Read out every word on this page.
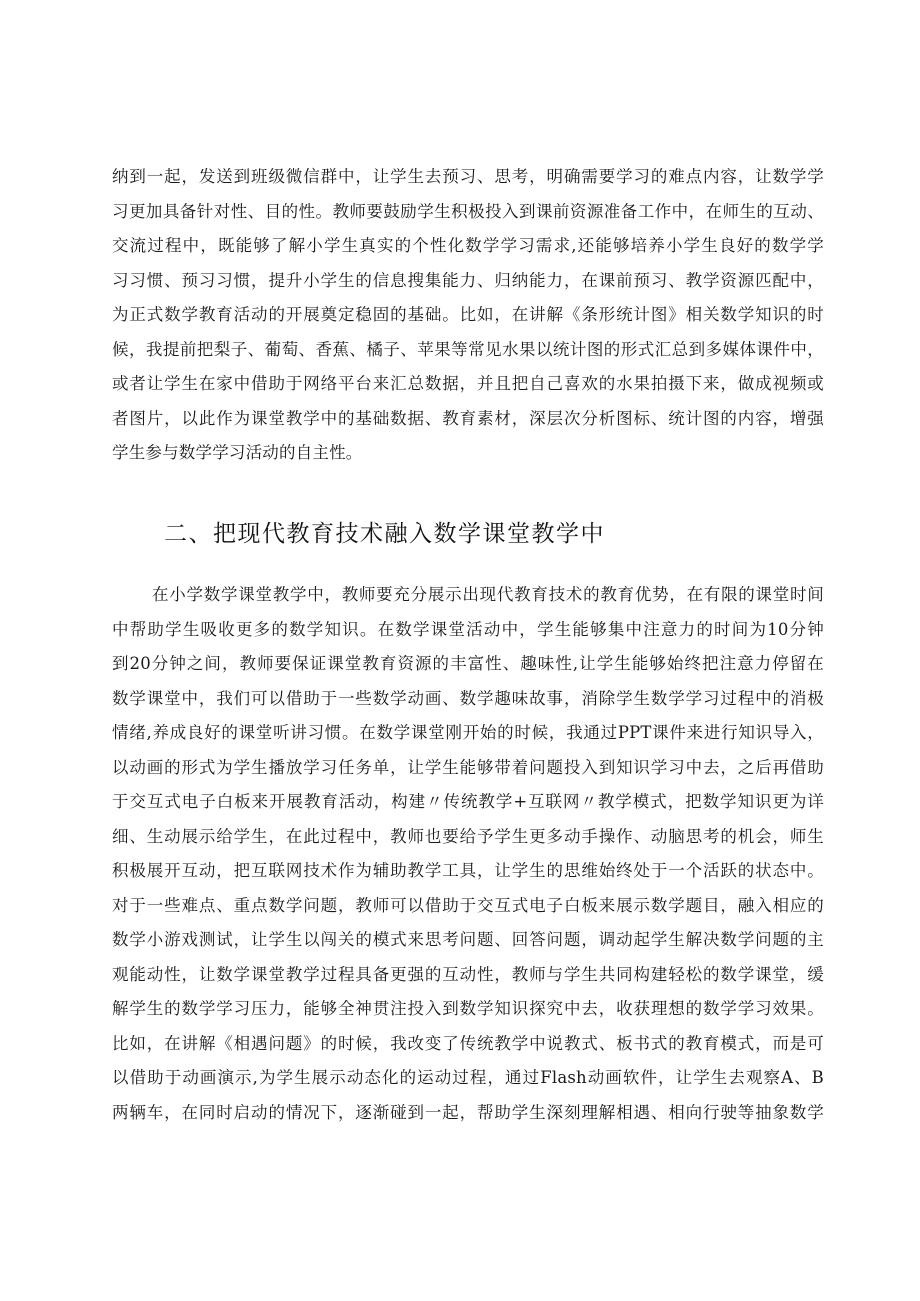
纳到一起，发送到班级微信群中，让学生去预习、思考，明确需要学习的难点内容，让数学学
习更加具备针对性、目的性。教师要鼓励学生积极投入到课前资源准备工作中，在师生的互动、
交流过程中，既能够了解小学生真实的个性化数学学习需求,还能够培养小学生良好的数学学
习习惯、预习习惯，提升小学生的信息搜集能力、归纳能力，在课前预习、教学资源匹配中，
为正式数学教育活动的开展奠定稳固的基础。比如，在讲解《条形统计图》相关数学知识的时
候，我提前把梨子、葡萄、香蕉、橘子、苹果等常见水果以统计图的形式汇总到多媒体课件中，
或者让学生在家中借助于网络平台来汇总数据，并且把自己喜欢的水果拍摄下来，做成视频或
者图片，以此作为课堂教学中的基础数据、教育素材，深层次分析图标、统计图的内容，增强
学生参与数学学习活动的自主性。
二、把现代教育技术融入数学课堂教学中
在小学数学课堂教学中，教师要充分展示出现代教育技术的教育优势，在有限的课堂时间
中帮助学生吸收更多的数学知识。在数学课堂活动中，学生能够集中注意力的时间为10分钟
到20分钟之间，教师要保证课堂教育资源的丰富性、趣味性,让学生能够始终把注意力停留在
数学课堂中，我们可以借助于一些数学动画、数学趣味故事，消除学生数学学习过程中的消极
情绪,养成良好的课堂听讲习惯。在数学课堂刚开始的时候，我通过PPT课件来进行知识导入，
以动画的形式为学生播放学习任务单，让学生能够带着问题投入到知识学习中去，之后再借助
于交互式电子白板来开展教育活动，构建〃传统教学+互联网〃教学模式，把数学知识更为详
细、生动展示给学生，在此过程中，教师也要给予学生更多动手操作、动脑思考的机会，师生
积极展开互动，把互联网技术作为辅助教学工具，让学生的思维始终处于一个活跃的状态中。
对于一些难点、重点数学问题，教师可以借助于交互式电子白板来展示数学题目，融入相应的
数学小游戏测试，让学生以闯关的模式来思考问题、回答问题，调动起学生解决数学问题的主
观能动性，让数学课堂教学过程具备更强的互动性，教师与学生共同构建轻松的数学课堂，缓
解学生的数学学习压力，能够全神贯注投入到数学知识探究中去，收获理想的数学学习效果。
比如，在讲解《相遇问题》的时候，我改变了传统教学中说教式、板书式的教育模式，而是可
以借助于动画演示,为学生展示动态化的运动过程，通过Flash动画软件，让学生去观察A、B
两辆车，在同时启动的情况下，逐渐碰到一起，帮助学生深刻理解相遇、相向行驶等抽象数学
